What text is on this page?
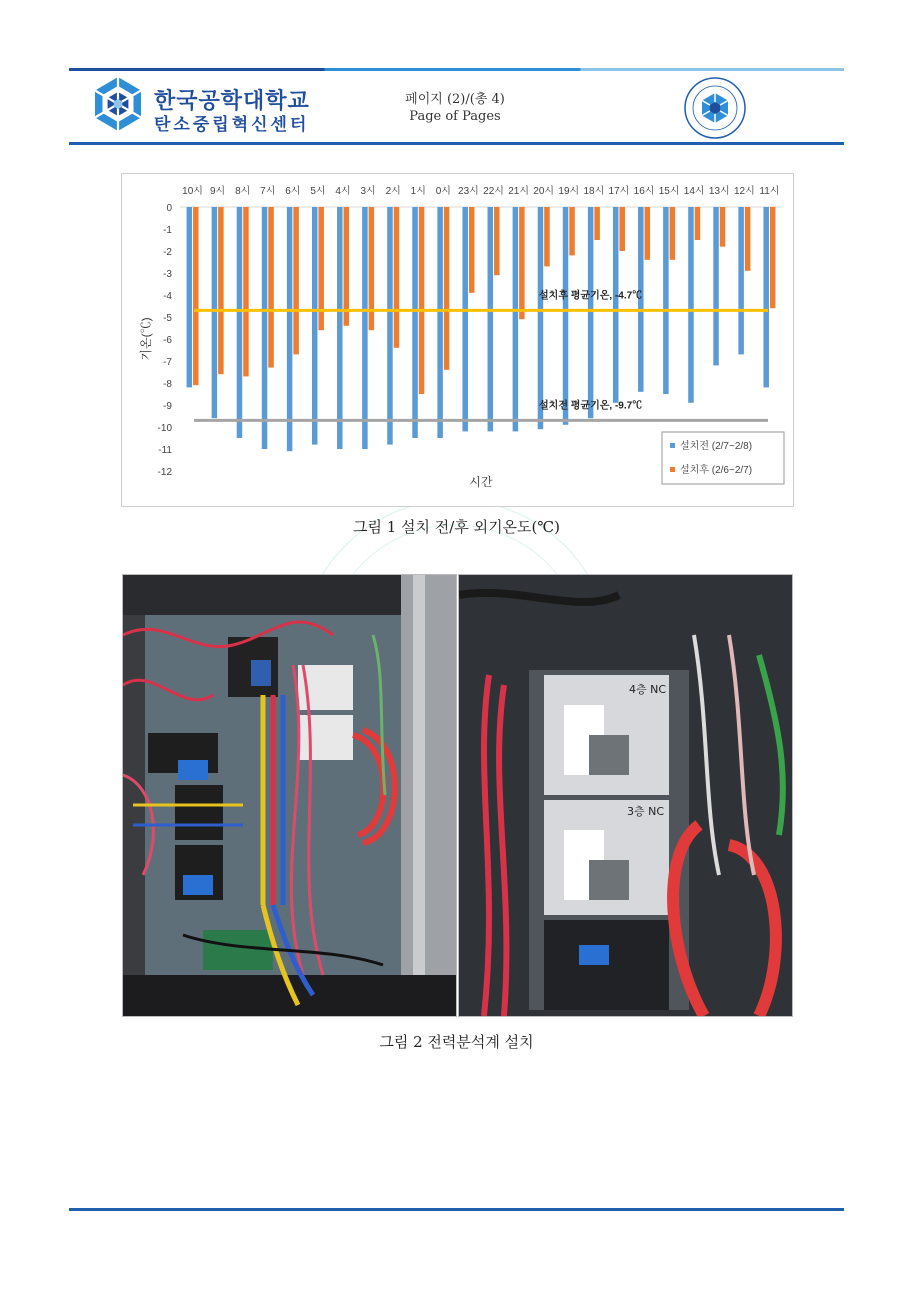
한국공학대학교
탄소중립혁신센터
페이지 (2)/(총 4)
Page of Pages
0
-1
-2
-3
-4
-5
-6
-7
-8
-9
-10
-11
-12
기온(℃)
시간
10시 9시 8시 7시 6시 5시 4시 3시 2시 1시 0시 23시 22시 21시 20시 19시 18시 17시 16시 15시 14시 13시 12시 11시
설치후 평균기온, -4.7℃
설치전 평균기온, -9.7℃
설치전 (2/7~2/8)
설치후 (2/6~2/7)
그림 1 설치 전/후 외기온도(℃)
4층 NC
3층 NC
그림 2 전력분석계 설치
